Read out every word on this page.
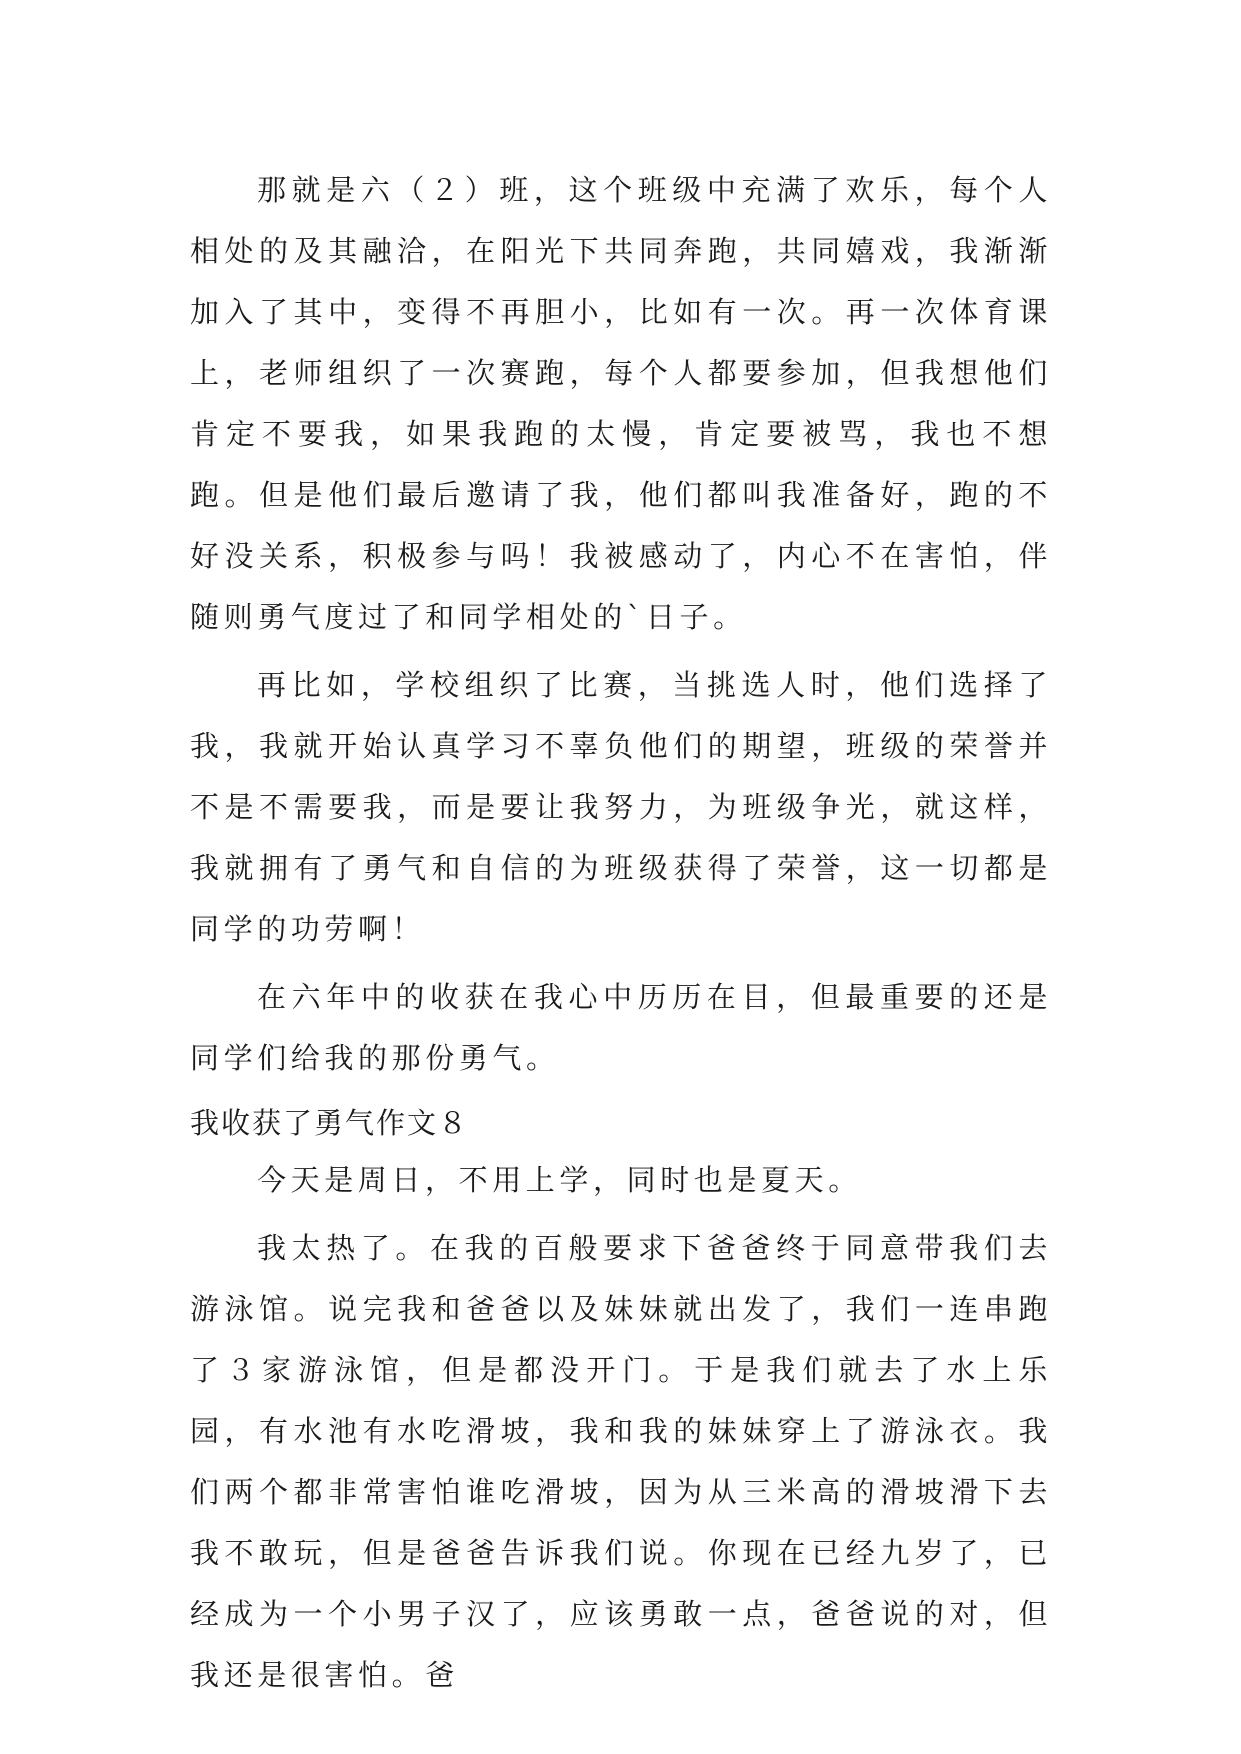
那就是六（２）班，这个班级中充满了欢乐，每个人相处的及其融洽，在阳光下共同奔跑，共同嬉戏，我渐渐加入了其中，变得不再胆小，比如有一次。再一次体育课上，老师组织了一次赛跑，每个人都要参加，但我想他们肯定不要我，如果我跑的太慢，肯定要被骂，我也不想跑。但是他们最后邀请了我，他们都叫我准备好，跑的不好没关系，积极参与吗！我被感动了，内心不在害怕，伴随则勇气度过了和同学相处的`日子。

再比如，学校组织了比赛，当挑选人时，他们选择了我，我就开始认真学习不辜负他们的期望，班级的荣誉并不是不需要我，而是要让我努力，为班级争光，就这样，我就拥有了勇气和自信的为班级获得了荣誉，这一切都是同学的功劳啊！

在六年中的收获在我心中历历在目，但最重要的还是同学们给我的那份勇气。

我收获了勇气作文８

今天是周日，不用上学，同时也是夏天。

我太热了。在我的百般要求下爸爸终于同意带我们去游泳馆。说完我和爸爸以及妹妹就出发了，我们一连串跑了３家游泳馆，但是都没开门。于是我们就去了水上乐园，有水池有水吃滑坡，我和我的妹妹穿上了游泳衣。我们两个都非常害怕谁吃滑坡，因为从三米高的滑坡滑下去我不敢玩，但是爸爸告诉我们说。你现在已经九岁了，已经成为一个小男子汉了，应该勇敢一点，爸爸说的对，但我还是很害怕。爸
